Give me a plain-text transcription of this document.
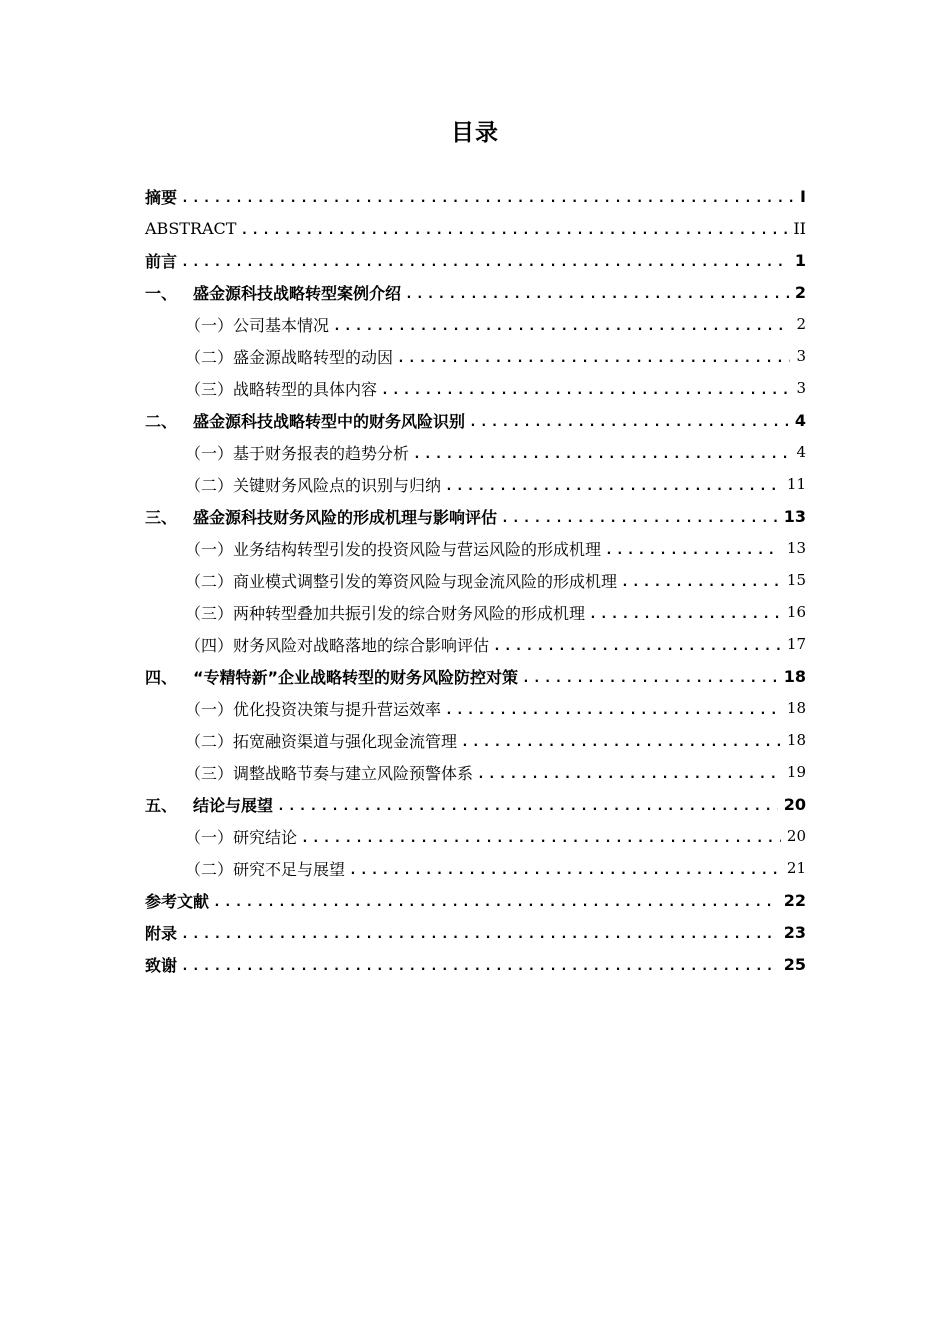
目录
摘要 .....	I
ABSTRACT .....	II
前言 .....	1
一、 盛金源科技战略转型案例介绍 .....	2
（一）公司基本情况 .....	2
（二）盛金源战略转型的动因 .....	3
（三）战略转型的具体内容 .....	3
二、 盛金源科技战略转型中的财务风险识别 .....	4
（一）基于财务报表的趋势分析 .....	4
（二）关键财务风险点的识别与归纳 .....	11
三、 盛金源科技财务风险的形成机理与影响评估 .....	13
（一）业务结构转型引发的投资风险与营运风险的形成机理 .....	13
（二）商业模式调整引发的筹资风险与现金流风险的形成机理 .....	15
（三）两种转型叠加共振引发的综合财务风险的形成机理 .....	16
（四）财务风险对战略落地的综合影响评估 .....	17
四、 “专精特新”企业战略转型的财务风险防控对策 .....	18
（一）优化投资决策与提升营运效率 .....	18
（二）拓宽融资渠道与强化现金流管理 .....	18
（三）调整战略节奏与建立风险预警体系 .....	19
五、 结论与展望 .....	20
（一）研究结论 .....	20
（二）研究不足与展望 .....	21
参考文献 .....	22
附录 .....	23
致谢 .....	25
